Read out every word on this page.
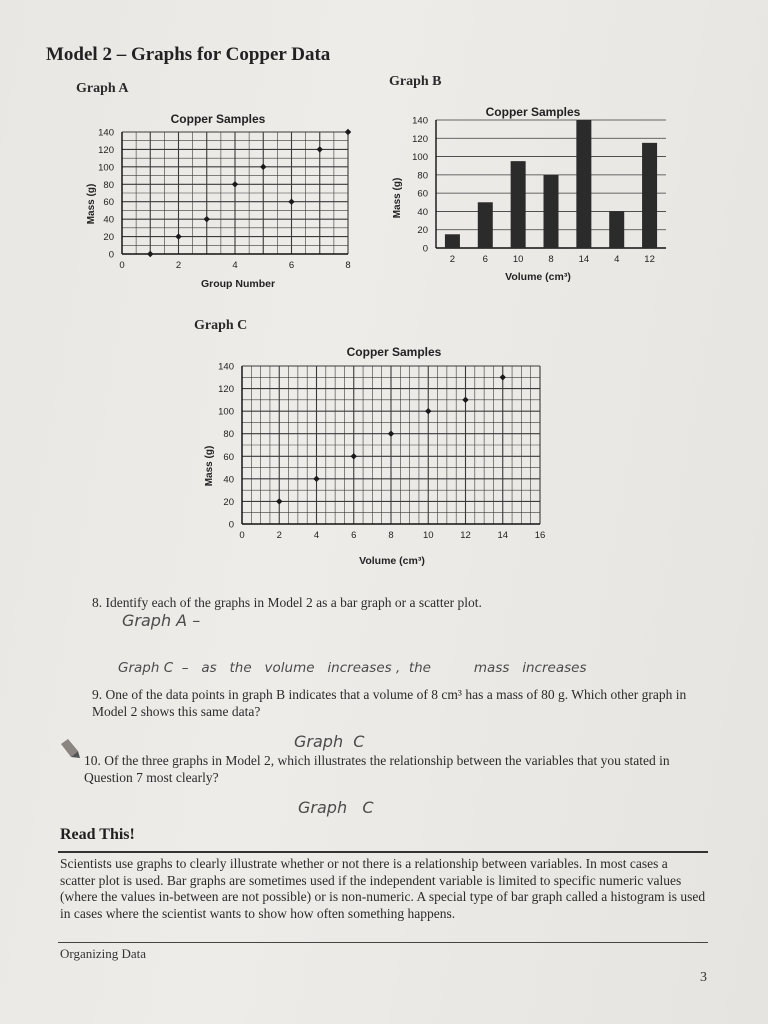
Model 2 – Graphs for Copper Data
Graph A	Graph B
Graph C
Copper Samples
0
20
40
60
80
100
120
140
0	2	4	6	8
Mass (g)
Group Number
Copper Samples
0
20
40
60
80
100
120
140
2	6	10	8	14	4	12
Mass (g)
Volume (cm³)
Copper Samples
0
20
40
60
80
100
120
140
0	2	4	6	8	10	12	14	16
Mass (g)
Volume (cm³)

8. Identify each of the graphs in Model 2 as a bar graph or a scatter plot.

Graph A –
Graph C  –   as   the   volume   increases ,  the          mass   increases

9. One of the data points in graph B indicates that a volume of 8 cm³ has a mass of 80 g. Which other graph in Model 2 shows this same data?

Graph  C

10. Of the three graphs in Model 2, which illustrates the relationship between the variables that you stated in Question 7 most clearly?

Graph   C
Read This!

Scientists use graphs to clearly illustrate whether or not there is a relationship between variables. In most cases a scatter plot is used. Bar graphs are sometimes used if the independent variable is limited to specific numeric values (where the values in-between are not possible) or is non-numeric. A special type of bar graph called a histogram is used in cases where the scientist wants to show how often something happens.

Organizing Data
3
